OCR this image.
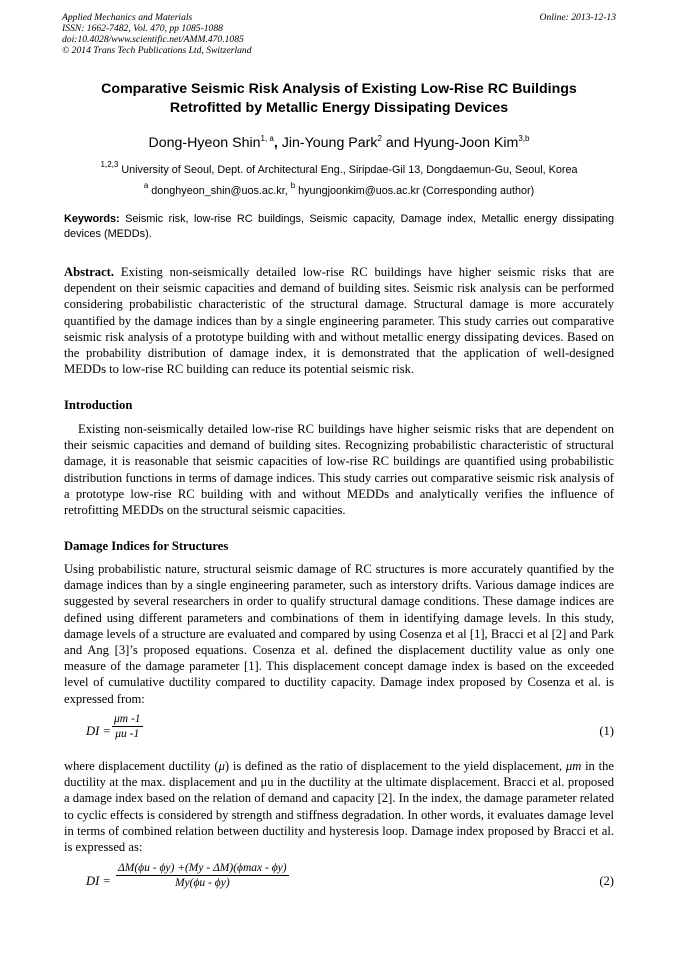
Applied Mechanics and Materials
ISSN: 1662-7482, Vol. 470, pp 1085-1088
doi:10.4028/www.scientific.net/AMM.470.1085
© 2014 Trans Tech Publications Ltd, Switzerland
Online: 2013-12-13
Comparative Seismic Risk Analysis of Existing Low-Rise RC Buildings
Retrofitted by Metallic Energy Dissipating Devices
Dong-Hyeon Shin$^{1, a}$, Jin-Young Park$^2$ and Hyung-Joon Kim$^{3,b}$
$^{1,2,3}$ University of Seoul, Dept. of Architectural Eng., Siripdae-Gil 13, Dongdaemun-Gu, Seoul, Korea
$^a$ donghyeon_shin@uos.ac.kr, $^b$ hyungjoonkim@uos.ac.kr (Corresponding author)

Keywords: Seismic risk, low-rise RC buildings, Seismic capacity, Damage index, Metallic energy dissipating devices (MEDDs).

Abstract. Existing non-seismically detailed low-rise RC buildings have higher seismic risks that are dependent on their seismic capacities and demand of building sites. Seismic risk analysis can be performed considering probabilistic characteristic of the structural damage. Structural damage is more accurately quantified by the damage indices than by a single engineering parameter. This study carries out comparative seismic risk analysis of a prototype building with and without metallic energy dissipating devices. Based on the probability distribution of damage index, it is demonstrated that the application of well-designed MEDDs to low-rise RC building can reduce its potential seismic risk.

Introduction

Existing non-seismically detailed low-rise RC buildings have higher seismic risks that are dependent on their seismic capacities and demand of building sites. Recognizing probabilistic characteristic of structural damage, it is reasonable that seismic capacities of low-rise RC buildings are quantified using probabilistic distribution functions in terms of damage indices. This study carries out comparative seismic risk analysis of a prototype low-rise RC building with and without MEDDs and analytically verifies the influence of retrofitting MEDDs on the structural seismic capacities.

Damage Indices for Structures

Using probabilistic nature, structural seismic damage of RC structures is more accurately quantified by the damage indices than by a single engineering parameter, such as interstory drifts. Various damage indices are suggested by several researchers in order to qualify structural damage conditions. These damage indices are defined using different parameters and combinations of them in identifying damage levels. In this study, damage levels of a structure are evaluated and compared by using Cosenza et al [1], Bracci et al [2] and Park and Ang [3]’s proposed equations. Cosenza et al. defined the displacement ductility value as only one measure of the damage parameter [1]. This displacement concept damage index is based on the exceeded level of cumulative ductility compared to ductility capacity. Damage index proposed by Cosenza et al. is expressed from:

DI = $\frac{\mu m -1}{\mu u -1}$	(1)

where displacement ductility (μ) is defined as the ratio of displacement to the yield displacement, μm in the ductility at the max. displacement and μu in the ductility at the ultimate displacement. Bracci et al. proposed a damage index based on the relation of demand and capacity [2]. In the index, the damage parameter related to cyclic effects is considered by strength and stiffness degradation. In other words, it evaluates damage level in terms of combined relation between ductility and hysteresis loop. Damage index proposed by Bracci et al. is expressed as:

DI =
ΔM(ϕu - ϕy) +(My - ΔM)(ϕmax - ϕy)
My(ϕu - ϕy)	(2)
